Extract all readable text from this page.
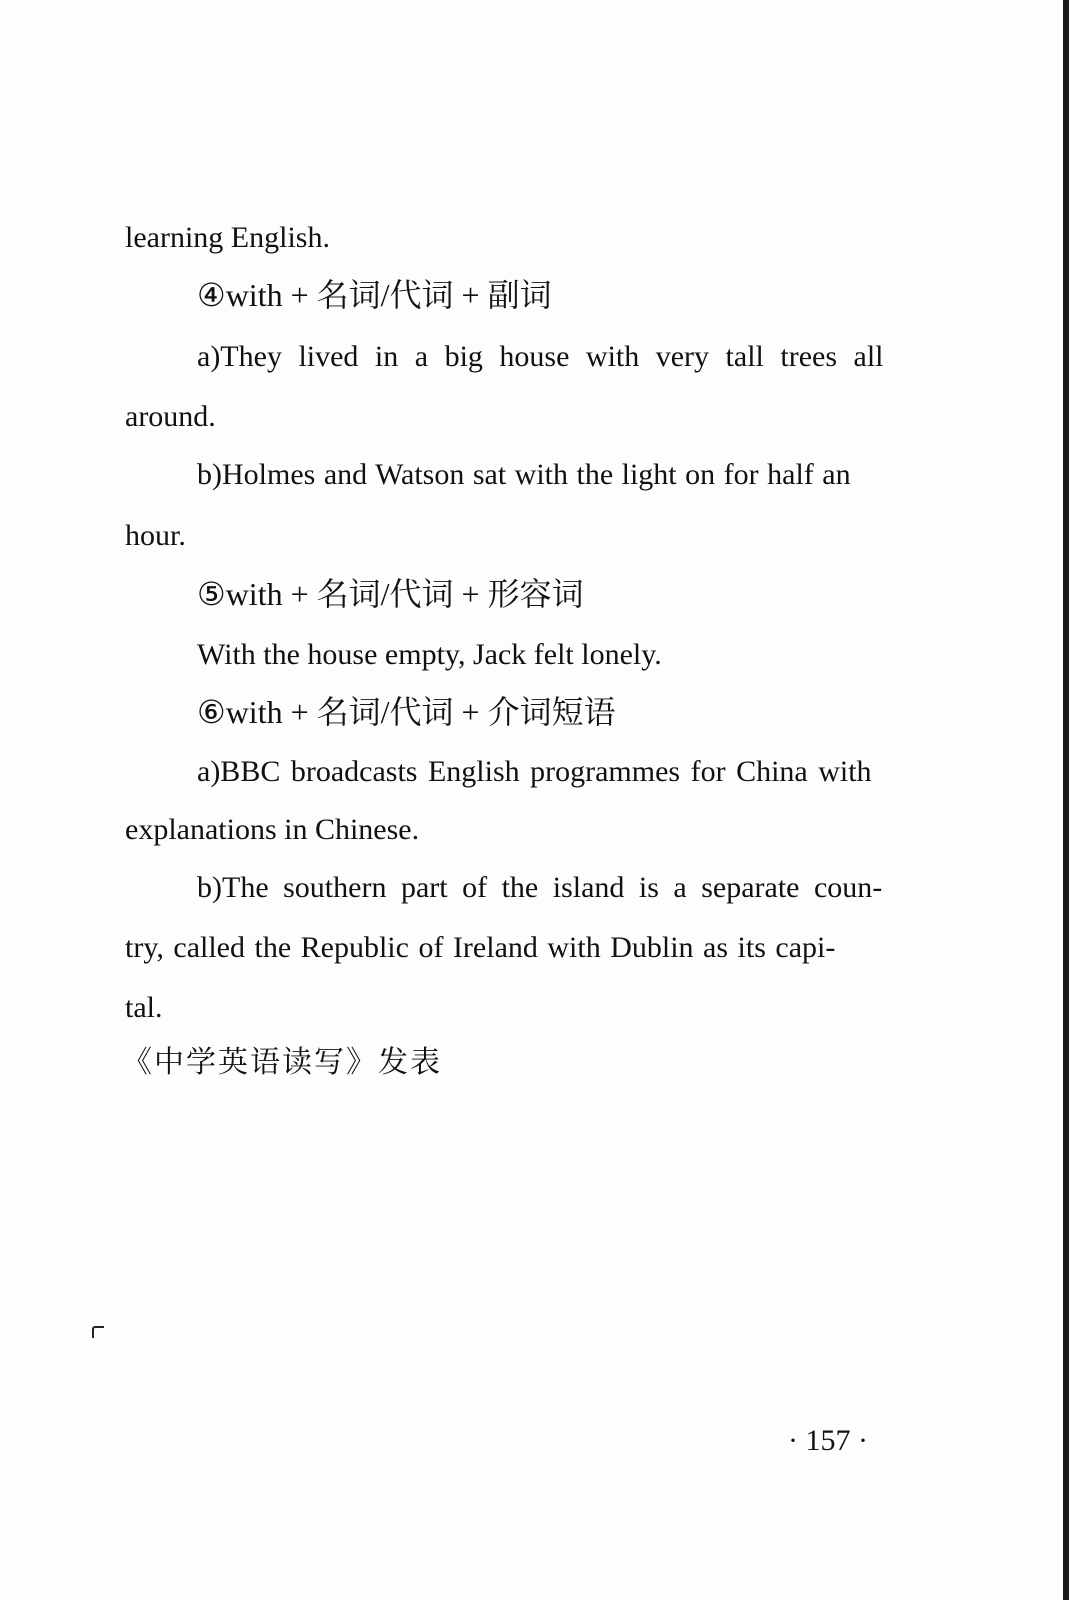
learning English.
④with + 名词/代词 + 副词
a)They lived in a big house with very tall trees all
around.
b)Holmes and Watson sat with the light on for half an
hour.
⑤with + 名词/代词 + 形容词
With the house empty, Jack felt lonely.
⑥with + 名词/代词 + 介词短语
a)BBC broadcasts English programmes for China with
explanations in Chinese.
b)The southern part of the island is a separate coun-
try, called the Republic of Ireland with Dublin as its capi-
tal.
《中学英语读写》发表
· 157 ·
